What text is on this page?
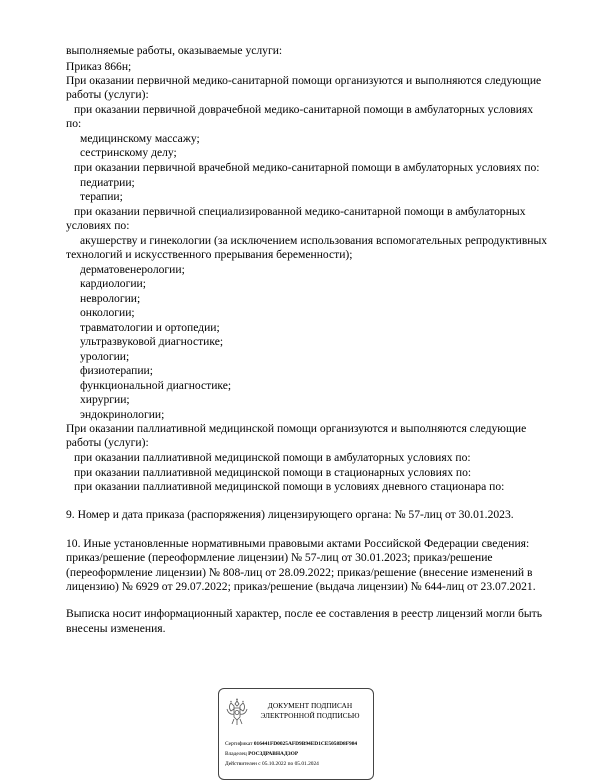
выполняемые работы, оказываемые услуги:
Приказ 866н;
При оказании первичной медико-санитарной помощи организуются и выполняются следующие
работы (услуги):
при оказании первичной доврачебной медико-санитарной помощи в амбулаторных условиях
по:
медицинскому массажу;
сестринскому делу;
при оказании первичной врачебной медико-санитарной помощи в амбулаторных условиях по:
педиатрии;
терапии;
при оказании первичной специализированной медико-санитарной помощи в амбулаторных
условиях по:
акушерству и гинекологии (за исключением использования вспомогательных репродуктивных
технологий и искусственного прерывания беременности);
дерматовенерологии;
кардиологии;
неврологии;
онкологии;
травматологии и ортопедии;
ультразвуковой диагностике;
урологии;
физиотерапии;
функциональной диагностике;
хирургии;
эндокринологии;
При оказании паллиативной медицинской помощи организуются и выполняются следующие
работы (услуги):
при оказании паллиативной медицинской помощи в амбулаторных условиях по:
при оказании паллиативной медицинской помощи в стационарных условиях по:
при оказании паллиативной медицинской помощи в условиях дневного стационара по:
9. Номер и дата приказа (распоряжения) лицензирующего органа: № 57-лиц от 30.01.2023.
10. Иные установленные нормативными правовыми актами Российской Федерации сведения:
приказ/решение (переоформление лицензии) № 57-лиц от 30.01.2023; приказ/решение
(переоформление лицензии) № 808-лиц от 28.09.2022; приказ/решение (внесение изменений в
лицензию) № 6929 от 29.07.2022; приказ/решение (выдача лицензии) № 644-лиц от 23.07.2021.
Выписка носит информационный характер, после ее составления в реестр лицензий могли быть
внесены изменения.
ДОКУМЕНТ ПОДПИСАН
ЭЛЕКТРОННОЙ ПОДПИСЬЮ
Сертификат 016441FD0025AFD9B94ED1CE5058D8F984
Владелец РОСЗДРАВНАДЗОР
Действителен с 05.10.2022 по 05.01.2024
